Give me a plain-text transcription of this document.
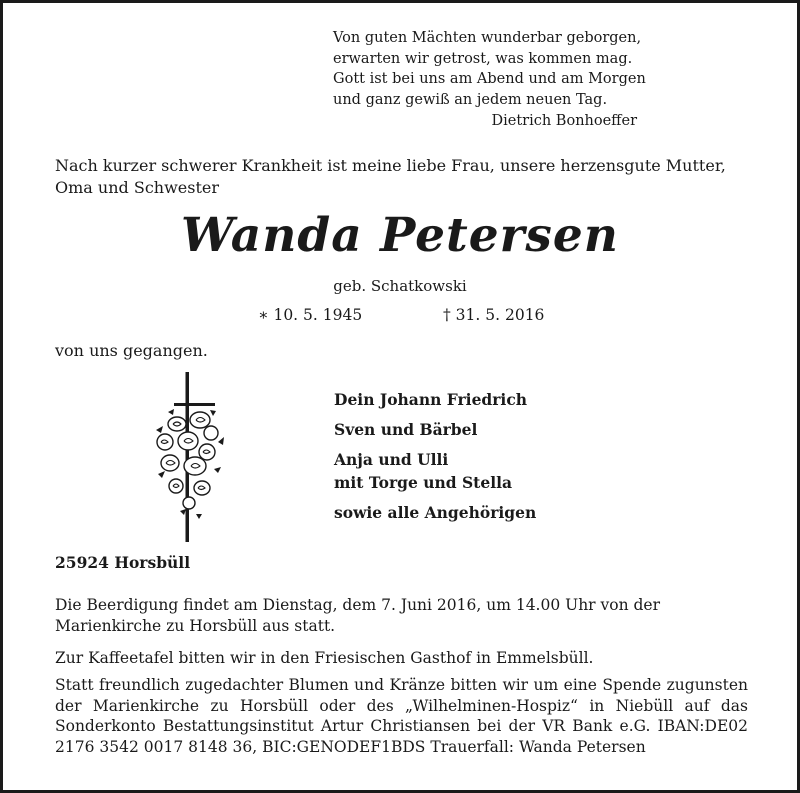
Von guten Mächten wunderbar geborgen,
erwarten wir getrost, was kommen mag.
Gott ist bei uns am Abend und am Morgen
und ganz gewiß an jedem neuen Tag.
Dietrich Bonhoeffer

Nach kurzer schwerer Krankheit ist meine liebe Frau, unsere herzensgute Mutter, Oma und Schwester

Wanda Petersen

geb. Schatkowski

∗ 10. 5. 1945	† 31. 5. 2016

von uns gegangen.

Dein Johann Friedrich
Sven und Bärbel
Anja und Ulli
mit Torge und Stella
sowie alle Angehörigen

25924 Horsbüll

Die Beerdigung findet am Dienstag, dem 7. Juni 2016, um 14.00 Uhr von der Marienkirche zu Horsbüll aus statt.

Zur Kaffeetafel bitten wir in den Friesischen Gasthof in Emmelsbüll.

Statt freundlich zugedachter Blumen und Kränze bitten wir um eine Spende zugunsten der Marienkirche zu Horsbüll oder des „Wilhelminen-Hospiz“ in Niebüll auf das Sonderkonto Bestattungsinstitut Artur Christiansen bei der VR Bank e.G. IBAN:DE02 2176 3542 0017 8148 36, BIC:GENODEF1BDS Trauerfall: Wanda Petersen
